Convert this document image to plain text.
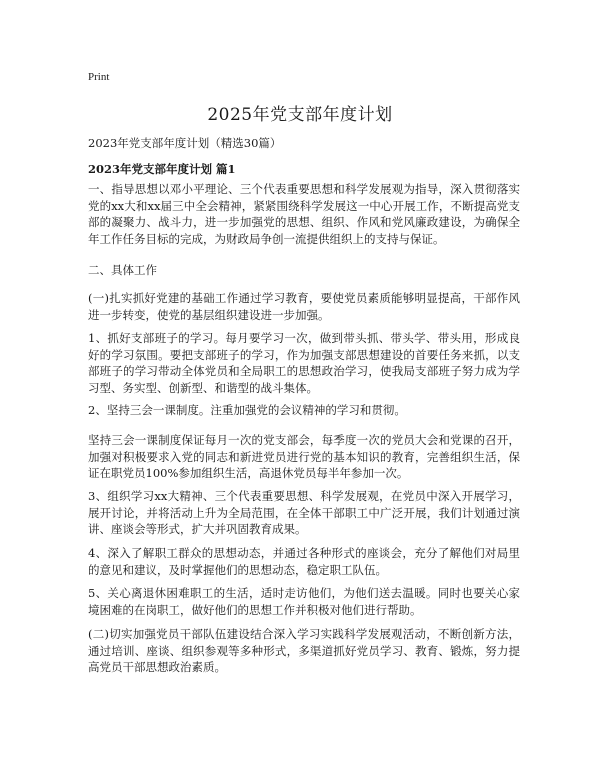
Print
2025年党支部年度计划
2023年党支部年度计划（精选30篇）
2023年党支部年度计划 篇1

一、指导思想以邓小平理论、三个代表重要思想和科学发展观为指导，深入贯彻落实党的xx大和xx届三中全会精神，紧紧围绕科学发展这一中心开展工作，不断提高党支部的凝聚力、战斗力，进一步加强党的思想、组织、作风和党风廉政建设，为确保全年工作任务目标的完成，为财政局争创一流提供组织上的支持与保证。

二、具体工作

(一)扎实抓好党建的基础工作通过学习教育，要使党员素质能够明显提高，干部作风进一步转变，使党的基层组织建设进一步加强。

1、抓好支部班子的学习。每月要学习一次，做到带头抓、带头学、带头用，形成良好的学习氛围。要把支部班子的学习，作为加强支部思想建设的首要任务来抓，以支部班子的学习带动全体党员和全局职工的思想政治学习，使我局支部班子努力成为学习型、务实型、创新型、和谐型的战斗集体。

2、坚持三会一课制度。注重加强党的会议精神的学习和贯彻。

坚持三会一课制度保证每月一次的党支部会，每季度一次的党员大会和党课的召开，加强对积极要求入党的同志和新进党员进行党的基本知识的教育，完善组织生活，保证在职党员100%参加组织生活，高退休党员每半年参加一次。

3、组织学习xx大精神、三个代表重要思想、科学发展观，在党员中深入开展学习，展开讨论，并将活动上升为全局范围，在全体干部职工中广泛开展，我们计划通过演讲、座谈会等形式，扩大并巩固教育成果。

4、深入了解职工群众的思想动态，并通过各种形式的座谈会，充分了解他们对局里的意见和建议，及时掌握他们的思想动态，稳定职工队伍。

5、关心离退休困难职工的生活，适时走访他们，为他们送去温暖。同时也要关心家境困难的在岗职工，做好他们的思想工作并积极对他们进行帮助。

(二)切实加强党员干部队伍建设结合深入学习实践科学发展观活动，不断创新方法，通过培训、座谈、组织参观等多种形式，多渠道抓好党员学习、教育、锻炼，努力提高党员干部思想政治素质。
